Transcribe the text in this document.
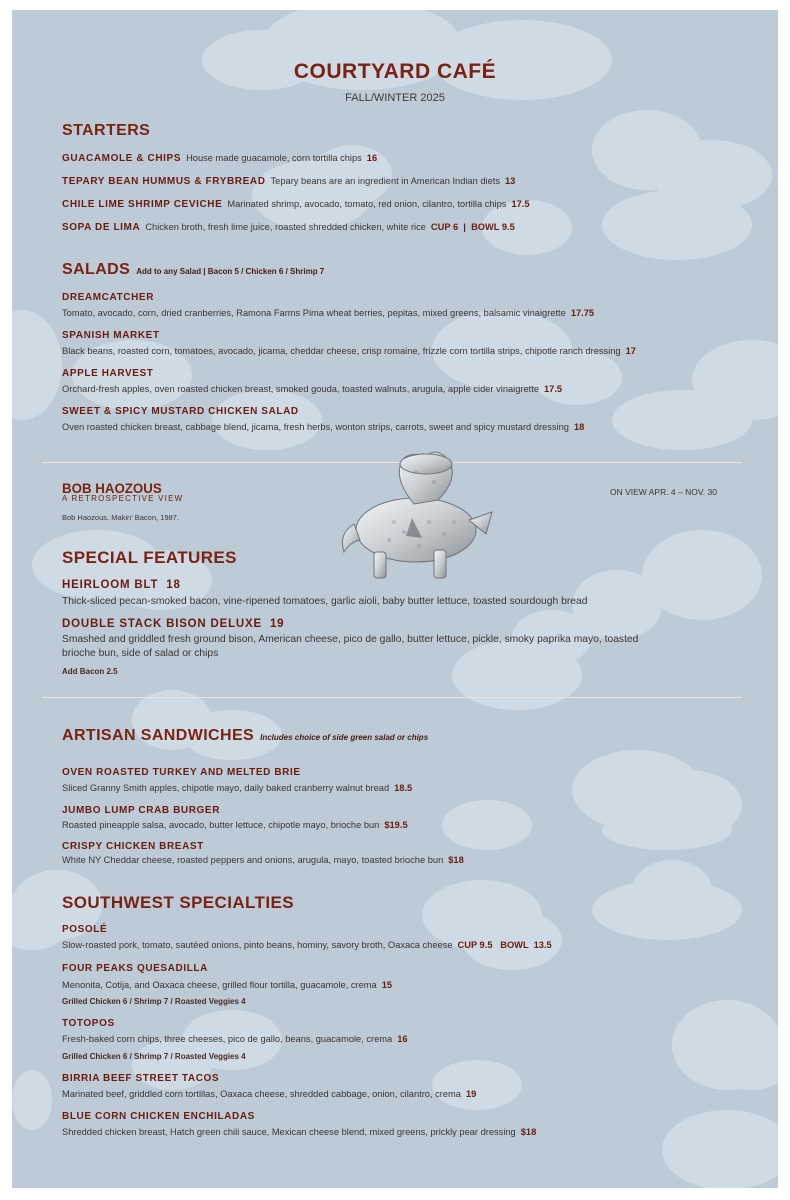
COURTYARD CAFÉ

FALL/WINTER 2025

STARTERS

GUACAMOLE & CHIPS House made guacamole, corn tortilla chips 16

TEPARY BEAN HUMMUS & FRYBREAD Tepary beans are an ingredient in American Indian diets 13

CHILE LIME SHRIMP CEVICHE Marinated shrimp, avocado, tomato, red onion, cilantro, tortilla chips 17.5

SOPA DE LIMA Chicken broth, fresh lime juice, roasted shredded chicken, white rice CUP 6  |  BOWL 9.5

SALADS Add to any Salad | Bacon 5 / Chicken 6 / Shrimp 7

DREAMCATCHER

Tomato, avocado, corn, dried cranberries, Ramona Farms Pima wheat berries, pepitas, mixed greens, balsamic vinaigrette 17.75

SPANISH MARKET

Black beans, roasted corn, tomatoes, avocado, jicama, cheddar cheese, crisp romaine, frizzle corn tortilla strips, chipotle ranch dressing 17

APPLE HARVEST

Orchard-fresh apples, oven roasted chicken breast, smoked gouda, toasted walnuts, arugula, apple cider vinaigrette 17.5

SWEET & SPICY MUSTARD CHICKEN SALAD

Oven roasted chicken breast, cabbage blend, jicama, fresh herbs, wonton strips, carrots, sweet and spicy mustard dressing 18

BOB HAOZOUS

A RETROSPECTIVE VIEW

Bob Haozous. Makin' Bacon, 1987.

ON VIEW APR. 4 – NOV. 30

SPECIAL FEATURES

HEIRLOOM BLT 18

Thick-sliced pecan-smoked bacon, vine-ripened tomatoes, garlic aioli, baby butter lettuce, toasted sourdough bread

DOUBLE STACK BISON DELUXE 19

Smashed and griddled fresh ground bison, American cheese, pico de gallo, butter lettuce, pickle, smoky paprika mayo, toasted

brioche bun, side of salad or chips

Add Bacon 2.5

ARTISAN SANDWICHES Includes choice of side green salad or chips

OVEN ROASTED TURKEY AND MELTED BRIE

Sliced Granny Smith apples, chipotle mayo, daily baked cranberry walnut bread 18.5

JUMBO LUMP CRAB BURGER

Roasted pineapple salsa, avocado, butter lettuce, chipotle mayo, brioche bun $19.5

CRISPY CHICKEN BREAST

White NY Cheddar cheese, roasted peppers and onions, arugula, mayo, toasted brioche bun $18

SOUTHWEST SPECIALTIES

POSOLÉ

Slow-roasted pork, tomato, sautéed onions, pinto beans, hominy, savory broth, Oaxaca cheese CUP 9.5   BOWL  13.5

FOUR PEAKS QUESADILLA

Menonita, Cotija, and Oaxaca cheese, grilled flour tortilla, guacamole, crema 15

Grilled Chicken 6 / Shrimp 7 / Roasted Veggies 4

TOTOPOS

Fresh-baked corn chips, three cheeses, pico de gallo, beans, guacamole, crema 16

Grilled Chicken 6 / Shrimp 7 / Roasted Veggies 4

BIRRIA BEEF STREET TACOS

Marinated beef, griddled corn tortillas, Oaxaca cheese, shredded cabbage, onion, cilantro, crema 19

BLUE CORN CHICKEN ENCHILADAS

Shredded chicken breast, Hatch green chili sauce, Mexican cheese blend, mixed greens, prickly pear dressing $18
